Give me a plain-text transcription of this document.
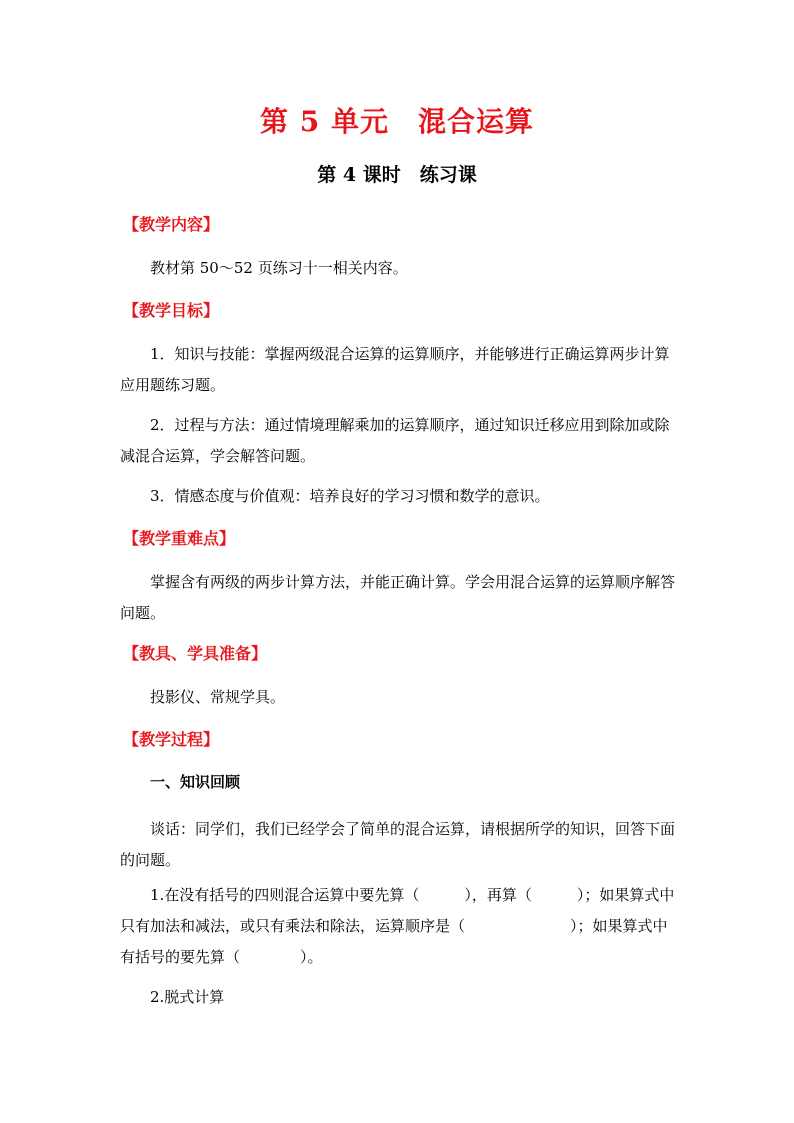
第 5 单元　混合运算
第 4 课时　练习课
【教学内容】
教材第 50～52 页练习十一相关内容。
【教学目标】
1．知识与技能：掌握两级混合运算的运算顺序，并能够进行正确运算两步计算应用题练习题。
2．过程与方法：通过情境理解乘加的运算顺序，通过知识迁移应用到除加或除减混合运算，学会解答问题。
3．情感态度与价值观：培养良好的学习习惯和数学的意识。
【教学重难点】
掌握含有两级的两步计算方法，并能正确计算。学会用混合运算的运算顺序解答问题。
【教具、学具准备】
投影仪、常规学具。
【教学过程】
一、知识回顾
谈话：同学们，我们已经学会了简单的混合运算，请根据所学的知识，回答下面的问题。
1.在没有括号的四则混合运算中要先算（　　　），再算（　　　）；如果算式中只有加法和减法，或只有乘法和除法，运算顺序是（　　　　　　　）；如果算式中有括号的要先算（　　　　）。
2.脱式计算
